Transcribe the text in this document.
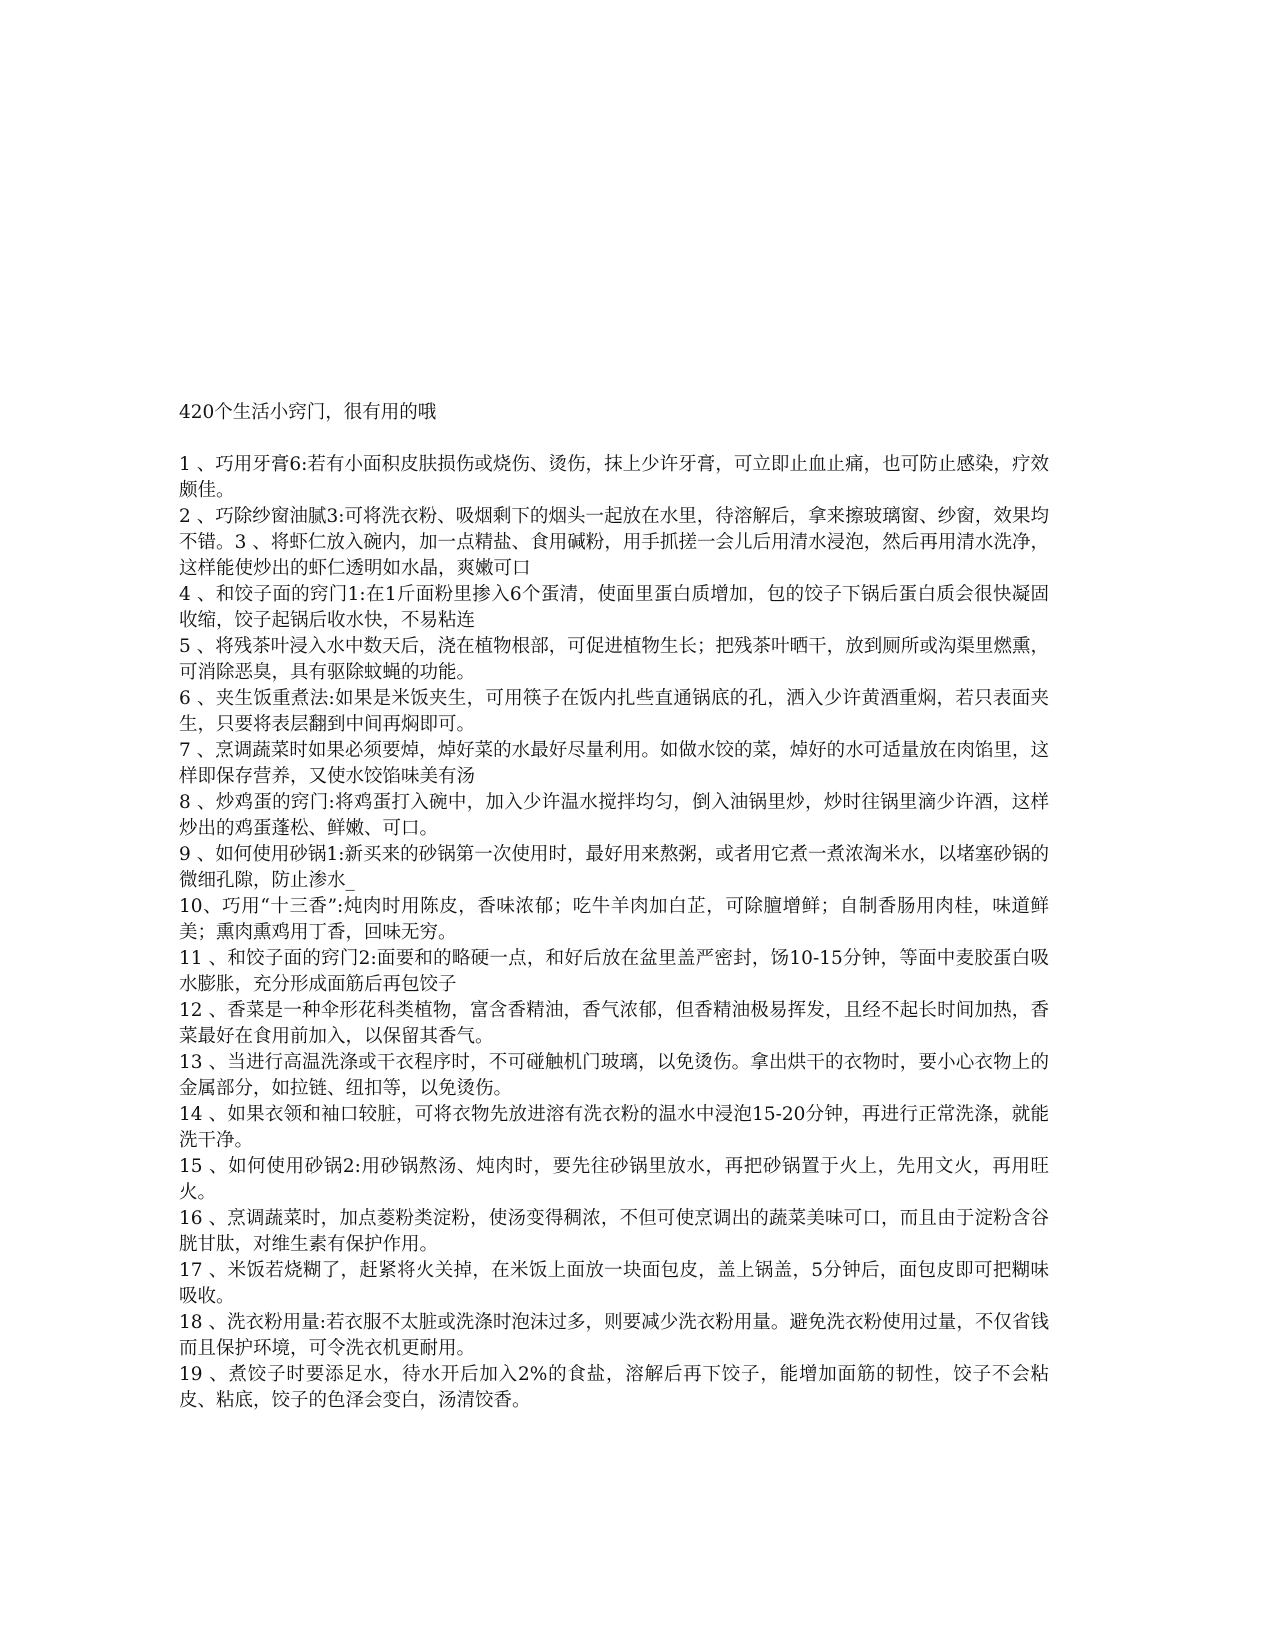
420个生活小窍门，很有用的哦

1 、巧用牙膏6:若有小面积皮肤损伤或烧伤、烫伤，抹上少许牙膏，可立即止血止痛，也可防止感染，疗效颇佳。

2 、巧除纱窗油腻3:可将洗衣粉、吸烟剩下的烟头一起放在水里，待溶解后，拿来擦玻璃窗、纱窗，效果均不错。3 、将虾仁放入碗内，加一点精盐、食用碱粉，用手抓搓一会儿后用清水浸泡，然后再用清水洗净，这样能使炒出的虾仁透明如水晶，爽嫩可口

4 、和饺子面的窍门1:在1斤面粉里掺入6个蛋清，使面里蛋白质增加，包的饺子下锅后蛋白质会很快凝固收缩，饺子起锅后收水快，不易粘连

5 、将残茶叶浸入水中数天后，浇在植物根部，可促进植物生长；把残茶叶晒干，放到厕所或沟渠里燃熏，可消除恶臭，具有驱除蚊蝇的功能。

6 、夹生饭重煮法:如果是米饭夹生，可用筷子在饭内扎些直通锅底的孔，洒入少许黄酒重焖，若只表面夹生，只要将表层翻到中间再焖即可。

7 、烹调蔬菜时如果必须要焯，焯好菜的水最好尽量利用。如做水饺的菜，焯好的水可适量放在肉馅里，这样即保存营养，又使水饺馅味美有汤

8 、炒鸡蛋的窍门:将鸡蛋打入碗中，加入少许温水搅拌均匀，倒入油锅里炒，炒时往锅里滴少许酒，这样炒出的鸡蛋蓬松、鲜嫩、可口。

9 、如何使用砂锅1:新买来的砂锅第一次使用时，最好用来熬粥，或者用它煮一煮浓淘米水，以堵塞砂锅的微细孔隙，防止渗水_

10、巧用“十三香”:炖肉时用陈皮，香味浓郁；吃牛羊肉加白芷，可除膻增鲜；自制香肠用肉桂，味道鲜美；熏肉熏鸡用丁香，回味无穷。

11 、和饺子面的窍门2:面要和的略硬一点，和好后放在盆里盖严密封，饧10-15分钟，等面中麦胶蛋白吸水膨胀，充分形成面筋后再包饺子

12 、香菜是一种伞形花科类植物，富含香精油，香气浓郁，但香精油极易挥发，且经不起长时间加热，香菜最好在食用前加入，以保留其香气。

13 、当进行高温洗涤或干衣程序时，不可碰触机门玻璃，以免烫伤。拿出烘干的衣物时，要小心衣物上的金属部分，如拉链、纽扣等，以免烫伤。

14 、如果衣领和袖口较脏，可将衣物先放进溶有洗衣粉的温水中浸泡15-20分钟，再进行正常洗涤，就能洗干净。

15 、如何使用砂锅2:用砂锅熬汤、炖肉时，要先往砂锅里放水，再把砂锅置于火上，先用文火，再用旺火。

16 、烹调蔬菜时，加点菱粉类淀粉，使汤变得稠浓，不但可使烹调出的蔬菜美味可口，而且由于淀粉含谷胱甘肽，对维生素有保护作用。

17 、米饭若烧糊了，赶紧将火关掉，在米饭上面放一块面包皮，盖上锅盖，5分钟后，面包皮即可把糊味吸收。

18 、洗衣粉用量:若衣服不太脏或洗涤时泡沫过多，则要减少洗衣粉用量。避免洗衣粉使用过量，不仅省钱而且保护环境，可令洗衣机更耐用。

19 、煮饺子时要添足水，待水开后加入2%的食盐，溶解后再下饺子，能增加面筋的韧性，饺子不会粘皮、粘底，饺子的色泽会变白，汤清饺香。
